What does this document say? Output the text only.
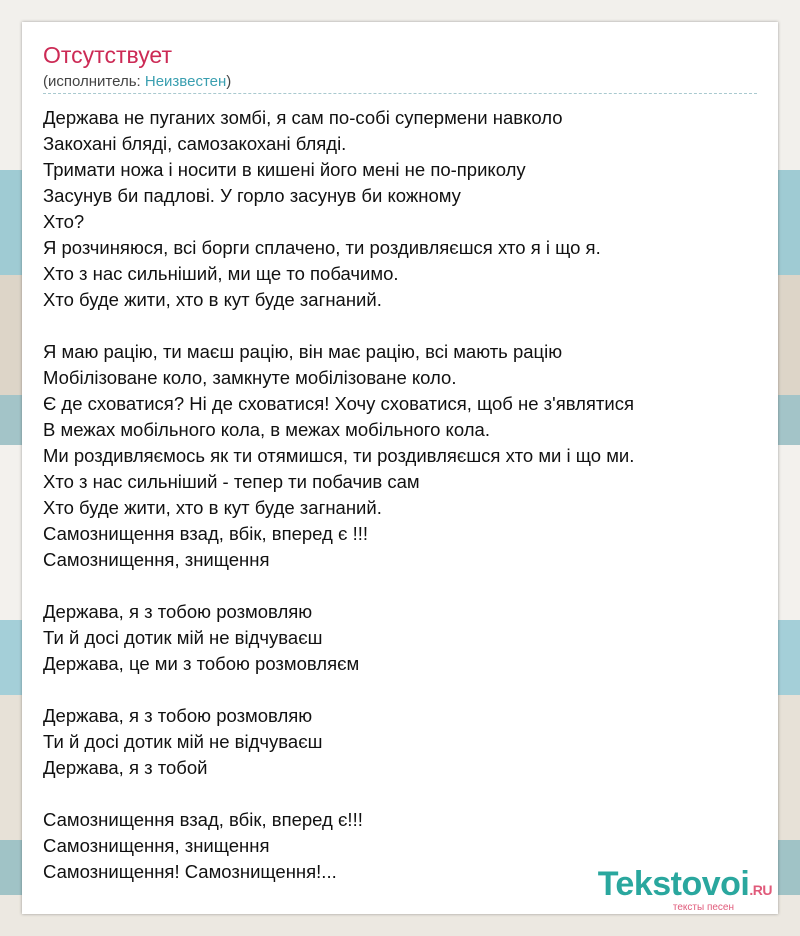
Отсутствует
(исполнитель: Неизвестен)
Держава не пуганих зомбі, я сам по-собі супермени навколо
Закохані бляді, самозакохані бляді.
Тримати ножа і носити в кишені його мені не по-приколу
Засунув би падлові. У горло засунув би кожному
Хто?
Я розчиняюся, всі борги сплачено, ти роздивляєшся хто я і що я.
Хто з нас сильніший, ми ще то побачимо.
Хто буде жити, хто в кут буде загнаний.
Я маю рацію, ти маєш рацію, він має рацію, всі мають рацію
Мобілізоване коло, замкнуте мобілізоване коло.
Є де сховатися? Ні де сховатися! Хочу сховатися, щоб не з'являтися
В межах мобільного кола, в межах мобільного кола.
Ми роздивляємось як ти отямишся, ти роздивляєшся хто ми і що ми.
Хто з нас сильніший - тепер ти побачив сам
Хто буде жити, хто в кут буде загнаний.
Самознищення взад, вбік, вперед є !!!
Самознищення, знищення
Держава, я з тобою розмовляю
Ти й досі дотик мій не відчуваєш
Держава, це ми з тобою розмовляєм
Держава, я з тобою розмовляю
Ти й досі дотик мій не відчуваєш
Держава, я з тобой
Самознищення взад, вбік, вперед є!!!
Самознищення, знищення
Самознищення! Самознищення!...	Tekstovoi.RU
тексты песен
